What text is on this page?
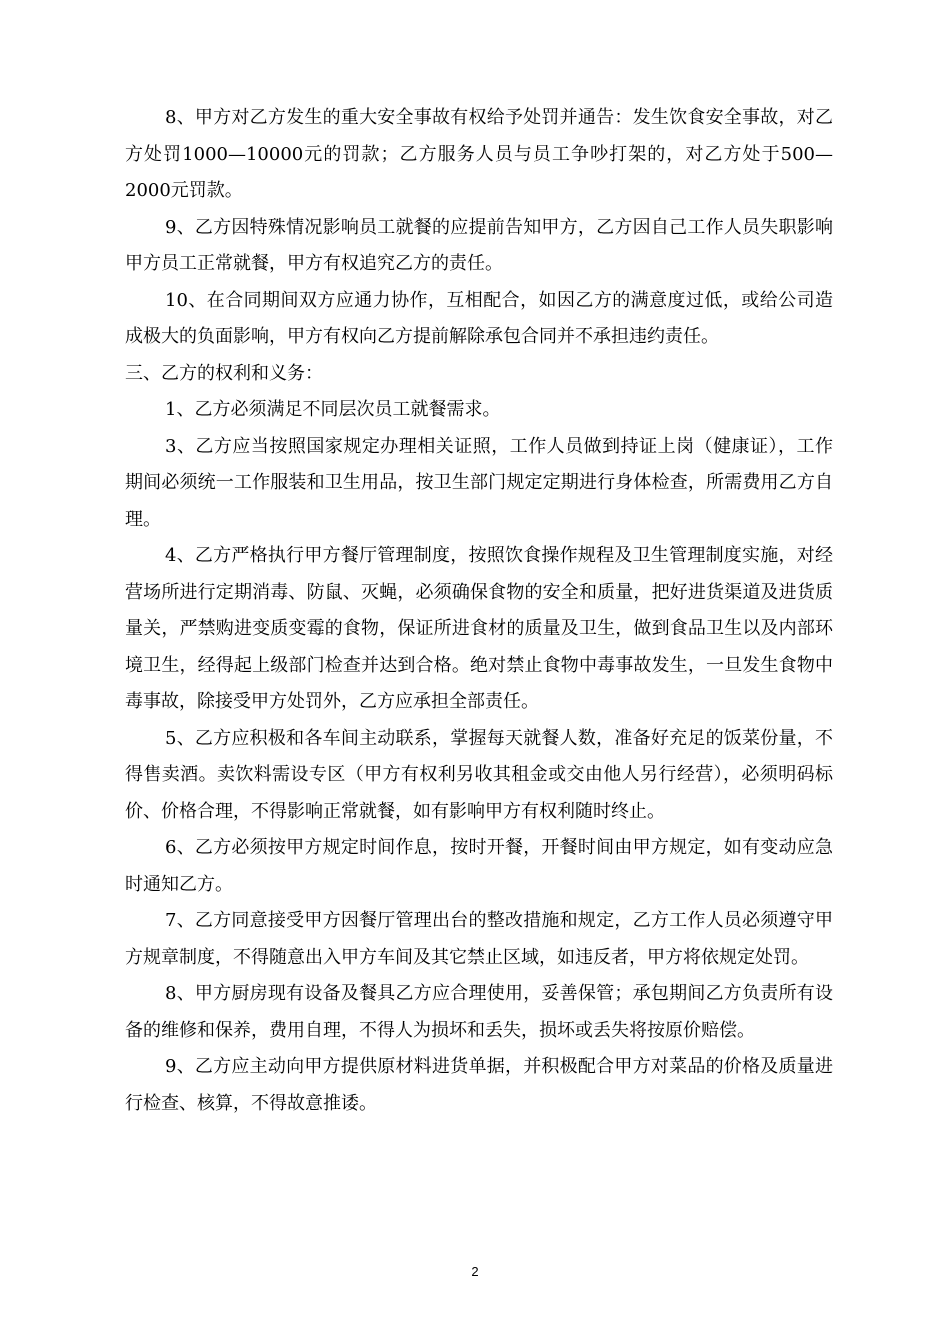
8、甲方对乙方发生的重大安全事故有权给予处罚并通告：发生饮食安全事故，对乙方处罚1000—10000元的罚款；乙方服务人员与员工争吵打架的，对乙方处于500—2000元罚款。

9、乙方因特殊情况影响员工就餐的应提前告知甲方，乙方因自己工作人员失职影响甲方员工正常就餐，甲方有权追究乙方的责任。

10、在合同期间双方应通力协作，互相配合，如因乙方的满意度过低，或给公司造成极大的负面影响，甲方有权向乙方提前解除承包合同并不承担违约责任。

三、乙方的权利和义务：

1、乙方必须满足不同层次员工就餐需求。

3、乙方应当按照国家规定办理相关证照，工作人员做到持证上岗（健康证），工作期间必须统一工作服装和卫生用品，按卫生部门规定定期进行身体检查，所需费用乙方自理。

4、乙方严格执行甲方餐厅管理制度，按照饮食操作规程及卫生管理制度实施，对经营场所进行定期消毒、防鼠、灭蝇，必须确保食物的安全和质量，把好进货渠道及进货质量关，严禁购进变质变霉的食物，保证所进食材的质量及卫生，做到食品卫生以及内部环境卫生，经得起上级部门检查并达到合格。绝对禁止食物中毒事故发生，一旦发生食物中毒事故，除接受甲方处罚外，乙方应承担全部责任。

5、乙方应积极和各车间主动联系，掌握每天就餐人数，准备好充足的饭菜份量，不得售卖酒。卖饮料需设专区（甲方有权利另收其租金或交由他人另行经营），必须明码标价、价格合理，不得影响正常就餐，如有影响甲方有权利随时终止。

6、乙方必须按甲方规定时间作息，按时开餐，开餐时间由甲方规定，如有变动应急时通知乙方。

7、乙方同意接受甲方因餐厅管理出台的整改措施和规定，乙方工作人员必须遵守甲方规章制度，不得随意出入甲方车间及其它禁止区域，如违反者，甲方将依规定处罚。

8、甲方厨房现有设备及餐具乙方应合理使用，妥善保管；承包期间乙方负责所有设备的维修和保养，费用自理，不得人为损坏和丢失，损坏或丢失将按原价赔偿。

9、乙方应主动向甲方提供原材料进货单据，并积极配合甲方对菜品的价格及质量进行检查、核算，不得故意推诿。

2
